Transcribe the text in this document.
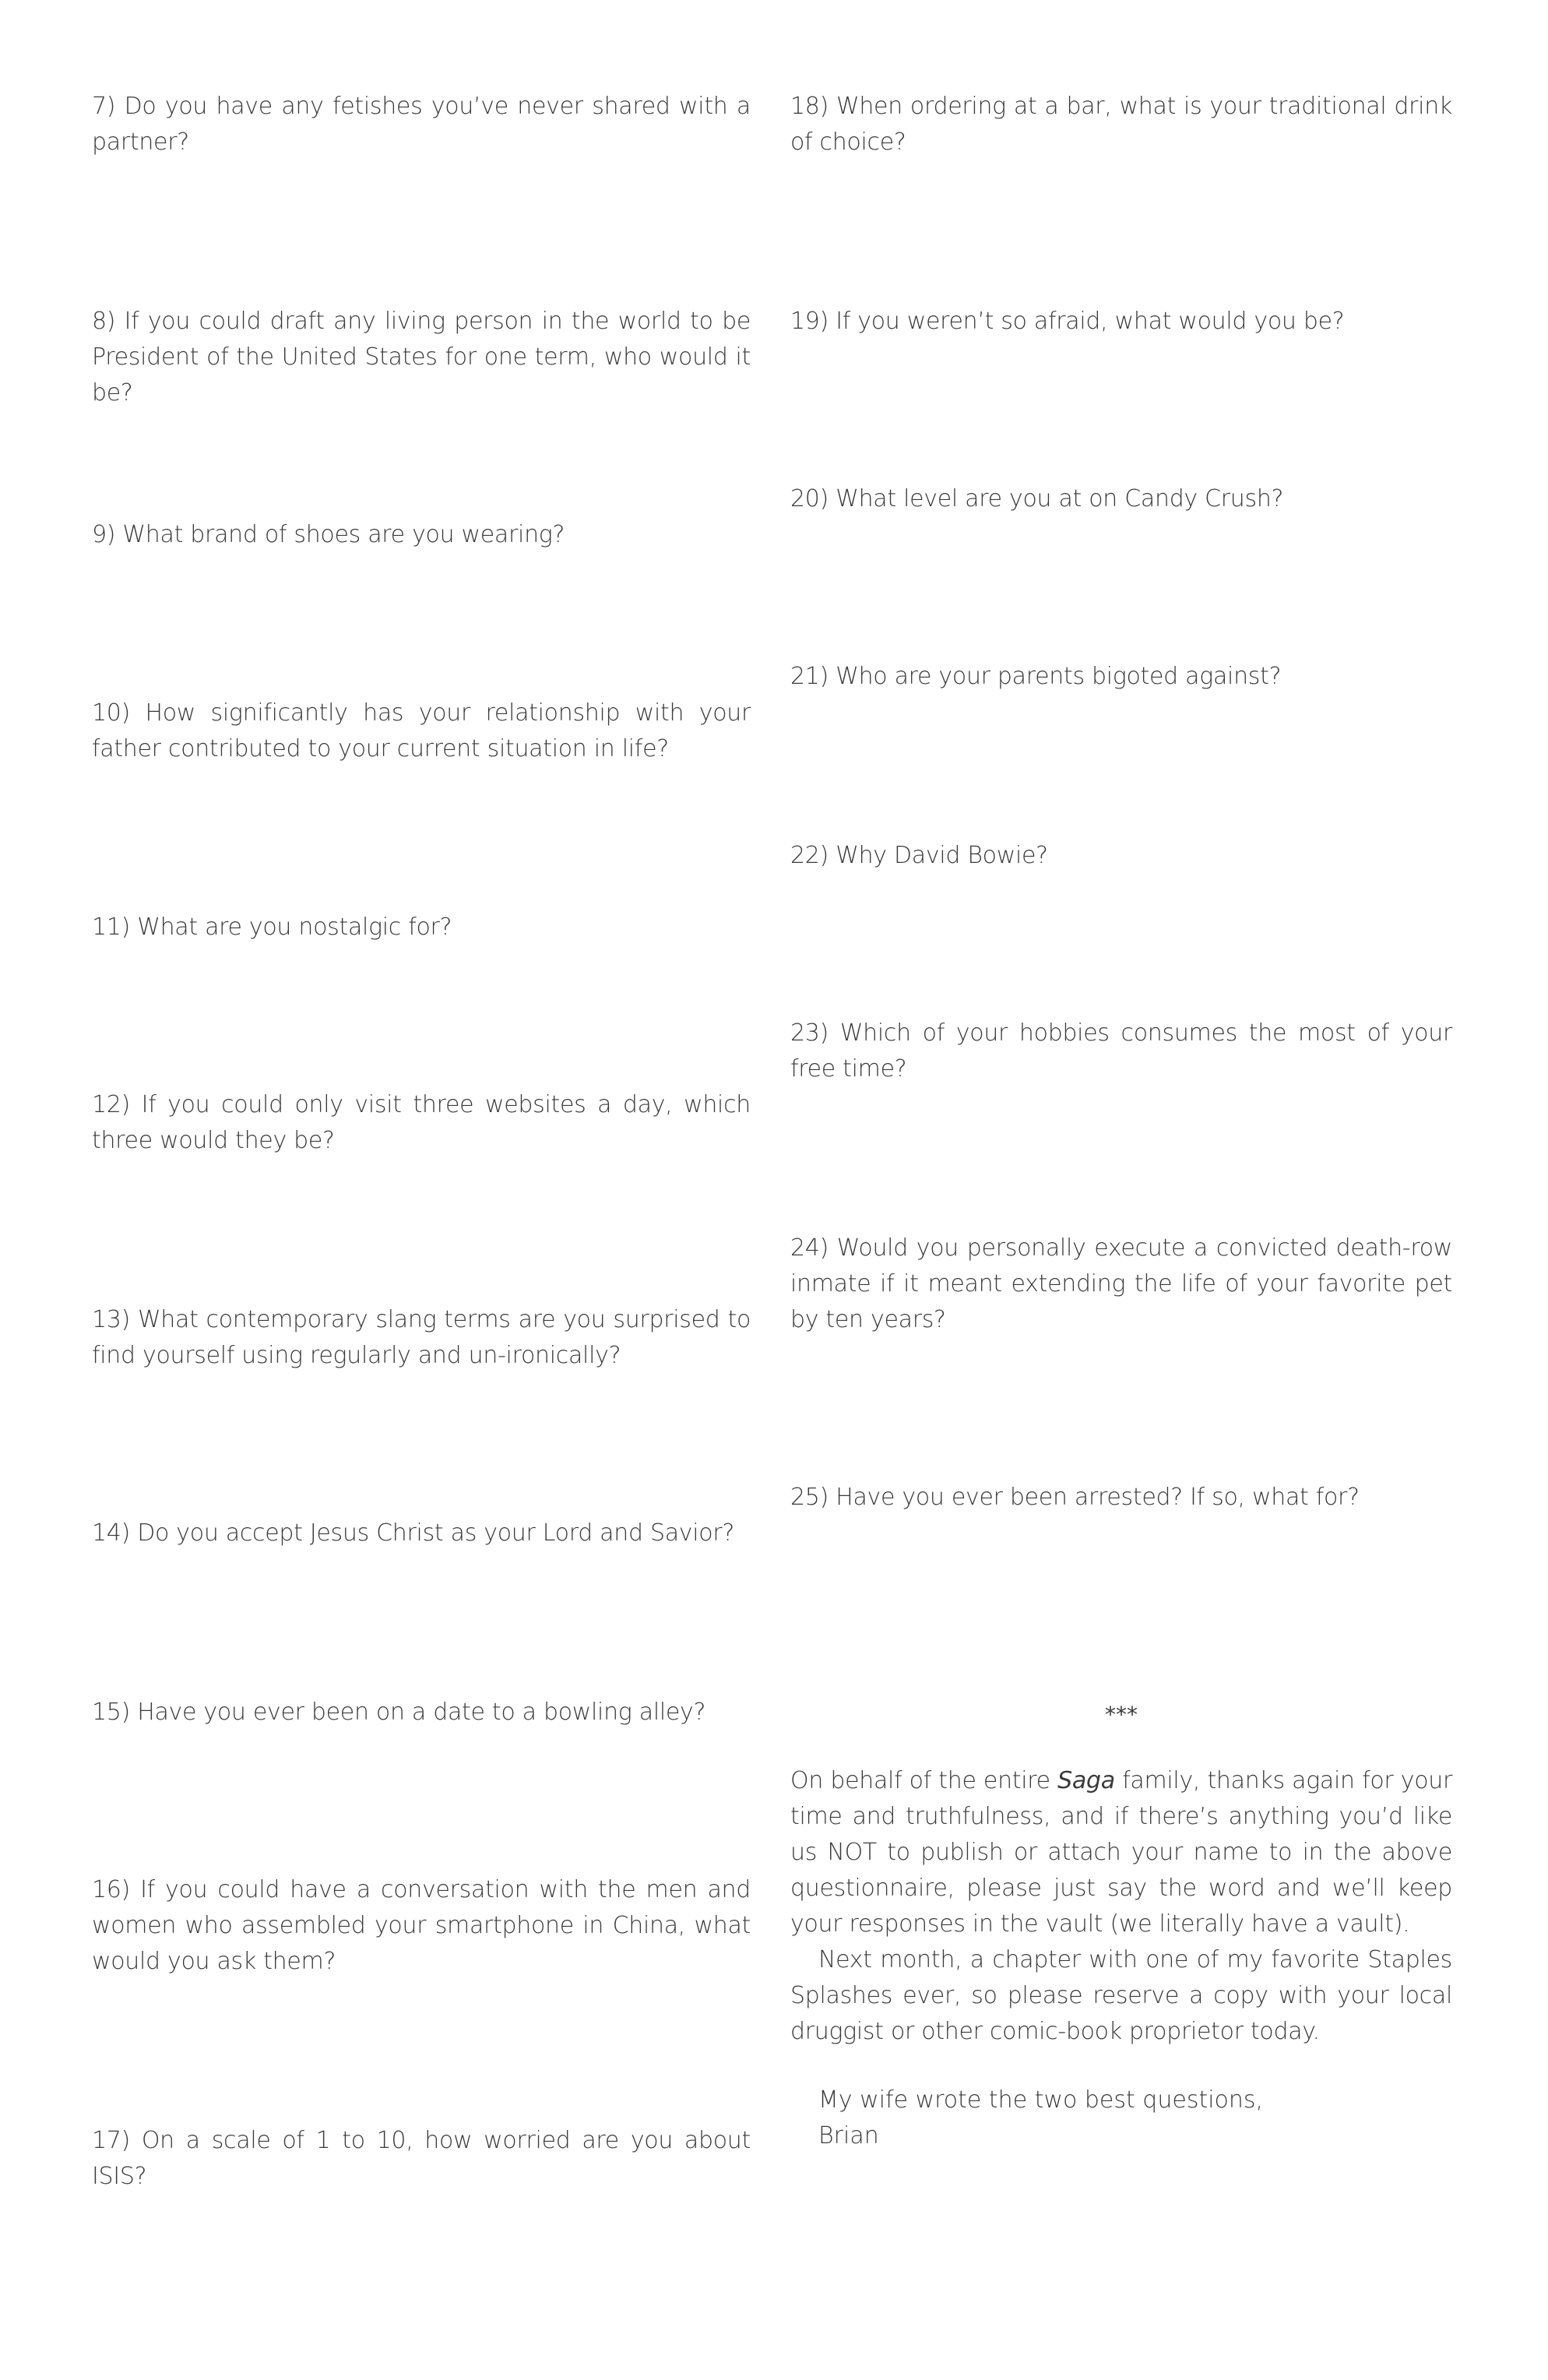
7) Do you have any fetishes you’ve never shared with a partner?
8) If you could draft any living person in the world to be President of the United States for one term, who would it be?
9) What brand of shoes are you wearing?
10) How significantly has your relationship with your father contributed to your current situation in life?
11) What are you nostalgic for?
12) If you could only visit three websites a day, which three would they be?
13) What contemporary slang terms are you surprised to find yourself using regularly and un-ironically?
14) Do you accept Jesus Christ as your Lord and Savior?
15) Have you ever been on a date to a bowling alley?
16) If you could have a conversation with the men and women who assembled your smartphone in China, what would you ask them?
17) On a scale of 1 to 10, how worried are you about ISIS?
18) When ordering at a bar, what is your traditional drink of choice?
19) If you weren’t so afraid, what would you be?
20) What level are you at on Candy Crush?
21) Who are your parents bigoted against?
22) Why David Bowie?
23) Which of your hobbies consumes the most of your free time?
24) Would you personally execute a convicted death-row inmate if it meant extending the life of your favorite pet by ten years?
25) Have you ever been arrested? If so, what for?
***

On behalf of the entire Saga family, thanks again for your time and truthfulness, and if there’s anything you’d like us NOT to publish or attach your name to in the above questionnaire, please just say the word and we’ll keep your responses in the vault (we literally have a vault).

Next month, a chapter with one of my favorite Staples Splashes ever, so please reserve a copy with your local druggist or other comic-book proprietor today.

My wife wrote the two best questions,
Brian
